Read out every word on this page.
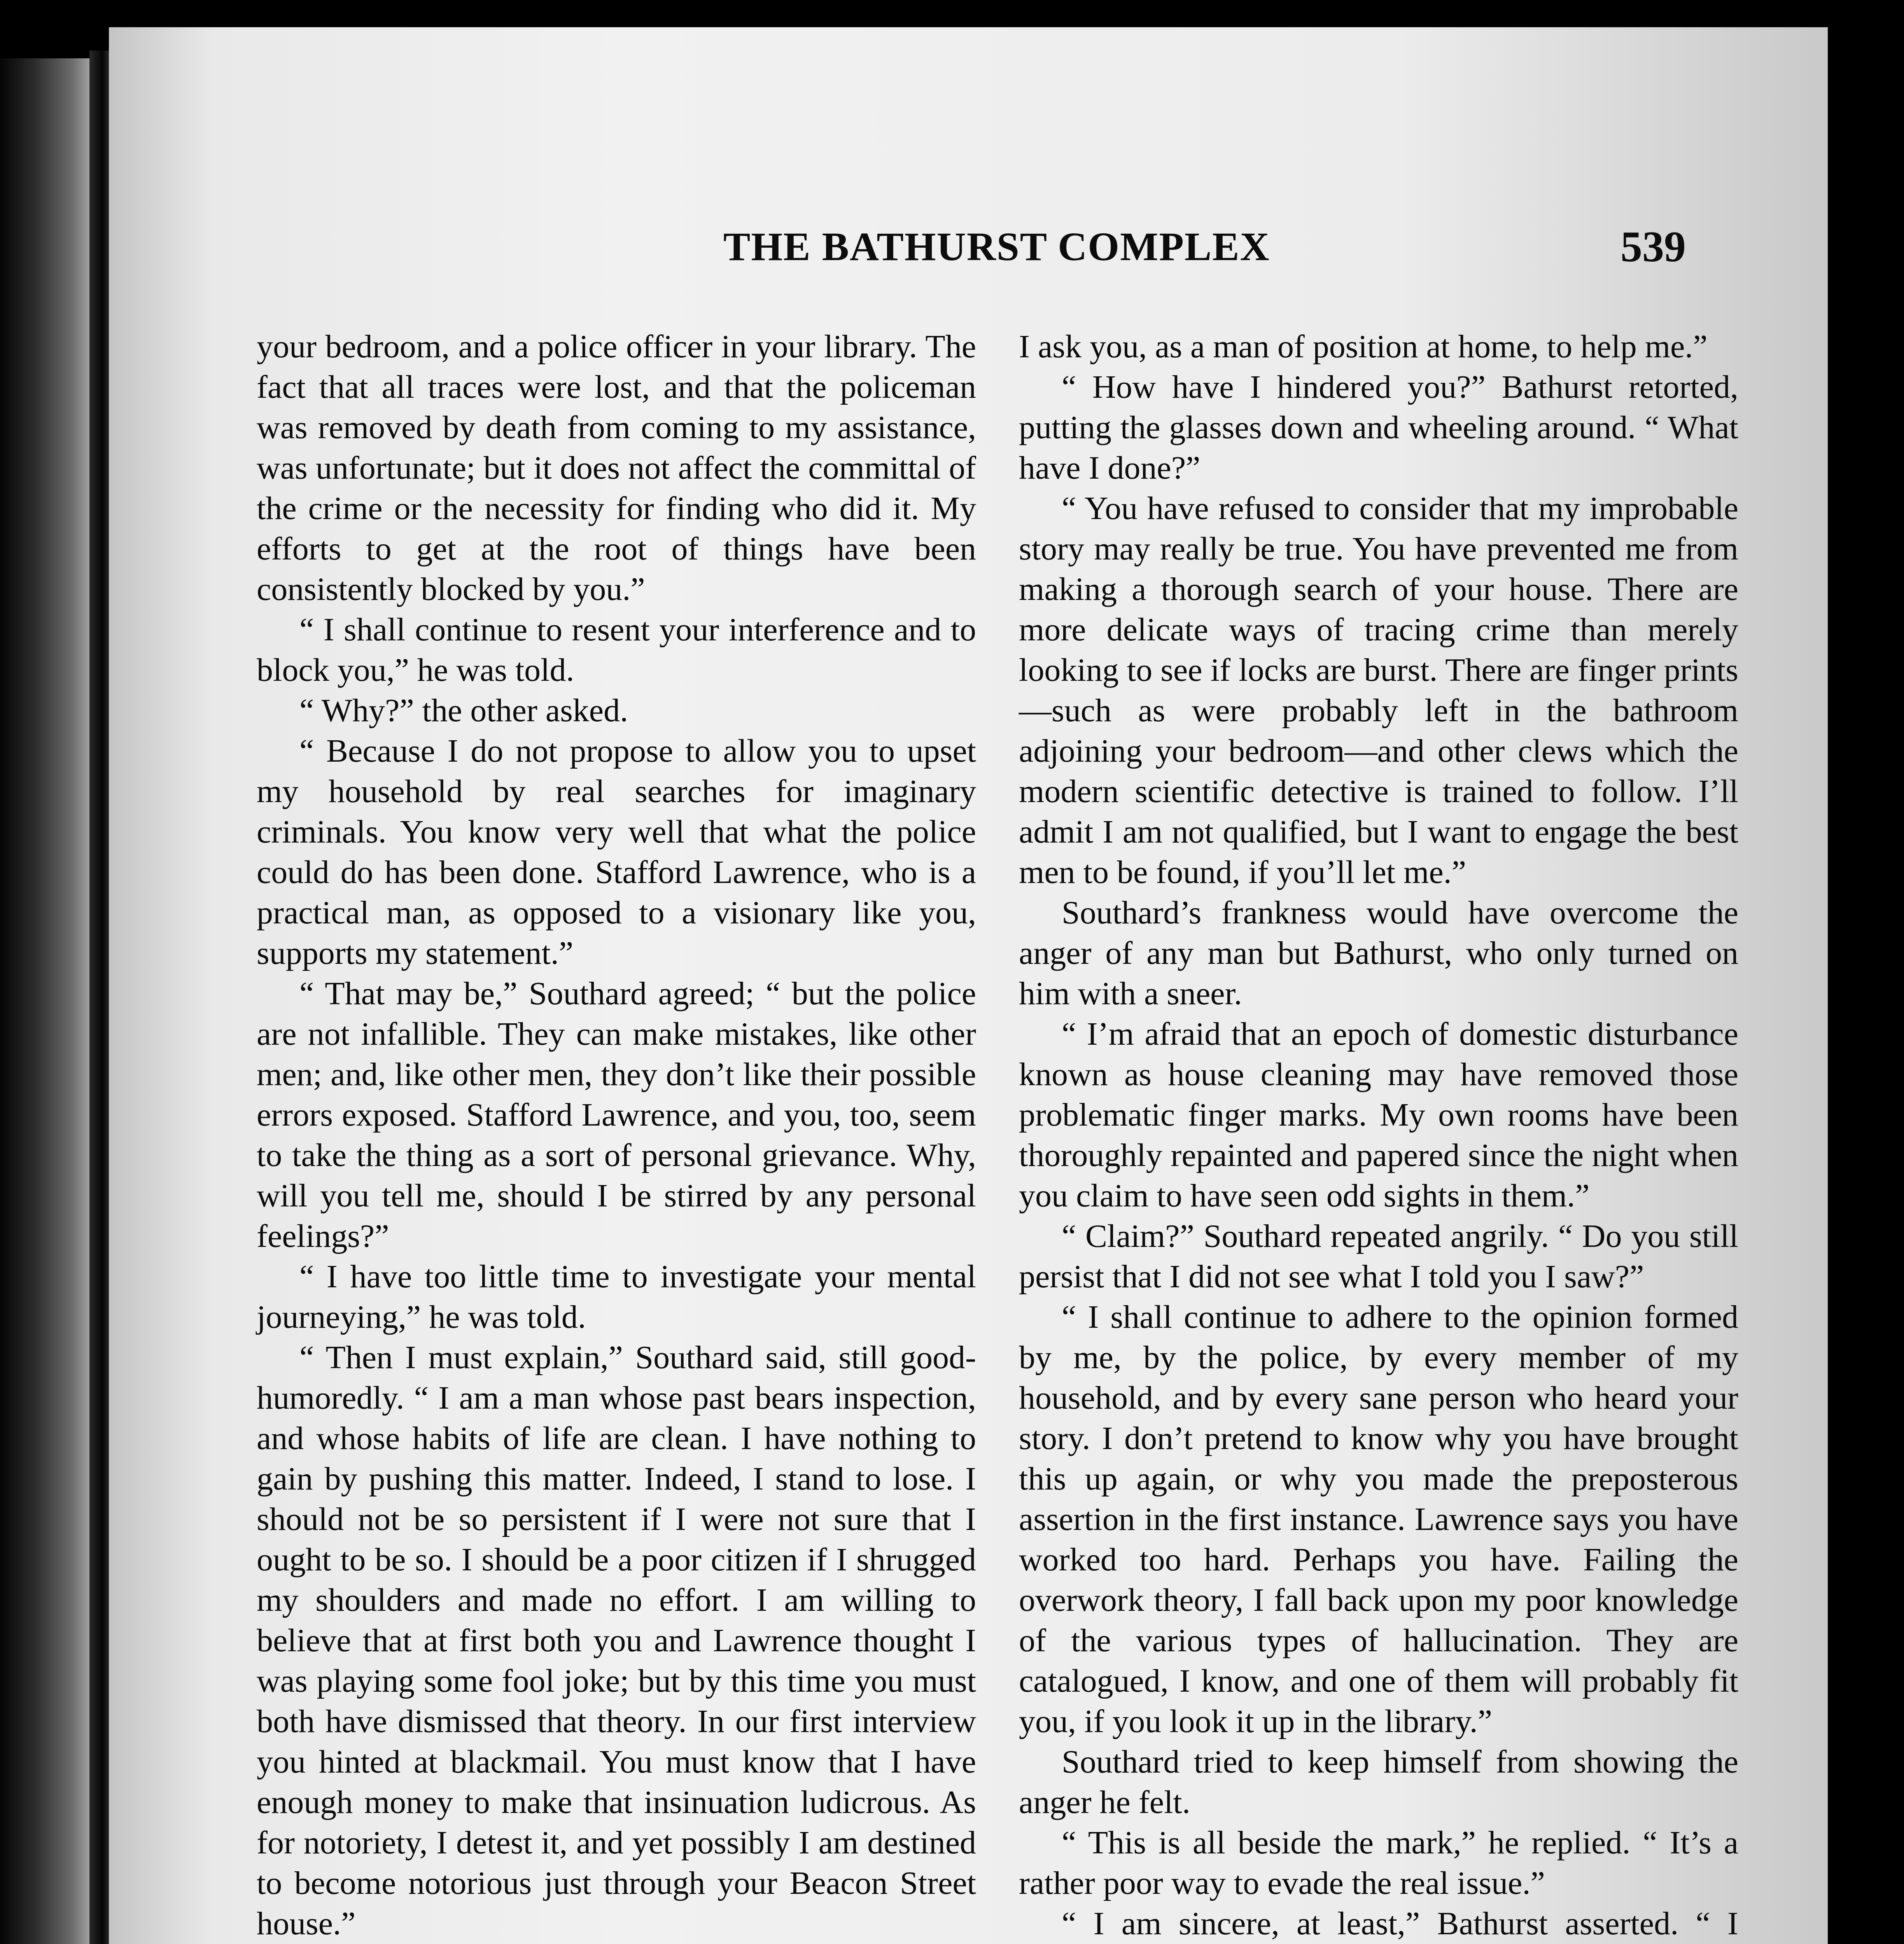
THE BATHURST COMPLEX	539

your bedroom, and a police officer in your library. The fact that all traces were lost, and that the policeman was removed by death from coming to my assistance, was unfortunate; but it does not affect the committal of the crime or the necessity for finding who did it. My efforts to get at the root of things have been consistently blocked by you.”

“ I shall continue to resent your interference and to block you,” he was told.

“ Why?” the other asked.

“ Because I do not propose to allow you to upset my household by real searches for imaginary criminals. You know very well that what the police could do has been done. Stafford Lawrence, who is a practical man, as opposed to a visionary like you, supports my statement.”

“ That may be,” Southard agreed; “ but the police are not infallible. They can make mistakes, like other men; and, like other men, they don’t like their possible errors exposed. Stafford Lawrence, and you, too, seem to take the thing as a sort of personal grievance. Why, will you tell me, should I be stirred by any personal feelings?”

“ I have too little time to investigate your mental journeying,” he was told.

“ Then I must explain,” Southard said, still good-humoredly. “ I am a man whose past bears inspection, and whose habits of life are clean. I have nothing to gain by pushing this matter. Indeed, I stand to lose. I should not be so persistent if I were not sure that I ought to be so. I should be a poor citizen if I shrugged my shoulders and made no effort. I am willing to believe that at first both you and Lawrence thought I was playing some fool joke; but by this time you must both have dismissed that theory. In our first interview you hinted at blackmail. You must know that I have enough money to make that insinuation ludicrous. As for notoriety, I detest it, and yet possibly I am destined to become notorious just through your Beacon Street house.”

I ask you, as a man of position at home, to help me.”

“ How have I hindered you?” Bathurst retorted, putting the glasses down and wheeling around. “ What have I done?”

“ You have refused to consider that my improbable story may really be true. You have prevented me from making a thorough search of your house. There are more delicate ways of tracing crime than merely looking to see if locks are burst. There are finger prints—such as were probably left in the bathroom adjoining your bedroom—and other clews which the modern scientific detective is trained to follow. I’ll admit I am not qualified, but I want to engage the best men to be found, if you’ll let me.”

Southard’s frankness would have overcome the anger of any man but Bathurst, who only turned on him with a sneer.

“ I’m afraid that an epoch of domestic disturbance known as house cleaning may have removed those problematic finger marks. My own rooms have been thoroughly repainted and papered since the night when you claim to have seen odd sights in them.”

“ Claim?” Southard repeated angrily. “ Do you still persist that I did not see what I told you I saw?”

“ I shall continue to adhere to the opinion formed by me, by the police, by every member of my household, and by every sane person who heard your story. I don’t pretend to know why you have brought this up again, or why you made the preposterous assertion in the first instance. Lawrence says you have worked too hard. Perhaps you have. Failing the overwork theory, I fall back upon my poor knowledge of the various types of hallucination. They are catalogued, I know, and one of them will probably fit you, if you look it up in the library.”

Southard tried to keep himself from showing the anger he felt.

“ This is all beside the mark,” he replied. “ It’s a rather poor way to evade the real issue.”

“ I am sincere, at least,” Bathurst asserted. “ I
